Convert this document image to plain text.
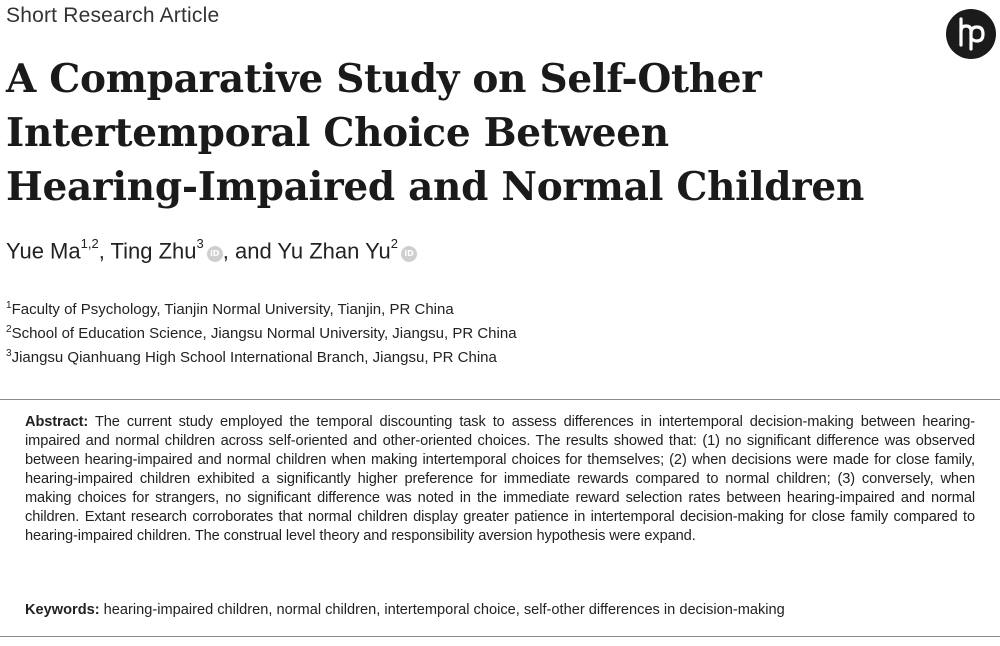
Short Research Article
A Comparative Study on Self-Other
Intertemporal Choice Between
Hearing-Impaired and Normal Children
Yue Ma$^{1,2}$, Ting Zhu$^3$iD , and Yu Zhan Yu$^2$iD
$^1$Faculty of Psychology, Tianjin Normal University, Tianjin, PR China
$^2$School of Education Science, Jiangsu Normal University, Jiangsu, PR China
$^3$Jiangsu Qianhuang High School International Branch, Jiangsu, PR China

Abstract: The current study employed the temporal discounting task to assess differences in intertemporal decision-making between hearing-impaired and normal children across self-oriented and other-oriented choices. The results showed that: (1) no significant difference was observed between hearing-impaired and normal children when making intertemporal choices for themselves; (2) when decisions were made for close family, hearing-impaired children exhibited a significantly higher preference for immediate rewards compared to normal children; (3) conversely, when making choices for strangers, no significant difference was noted in the immediate reward selection rates between hearing-impaired and normal children. Extant research corroborates that normal children display greater patience in intertemporal decision-making for close family compared to hearing-impaired children. The construal level theory and responsibility aversion hypothesis were expand.

Keywords: hearing-impaired children, normal children, intertemporal choice, self-other differences in decision-making
